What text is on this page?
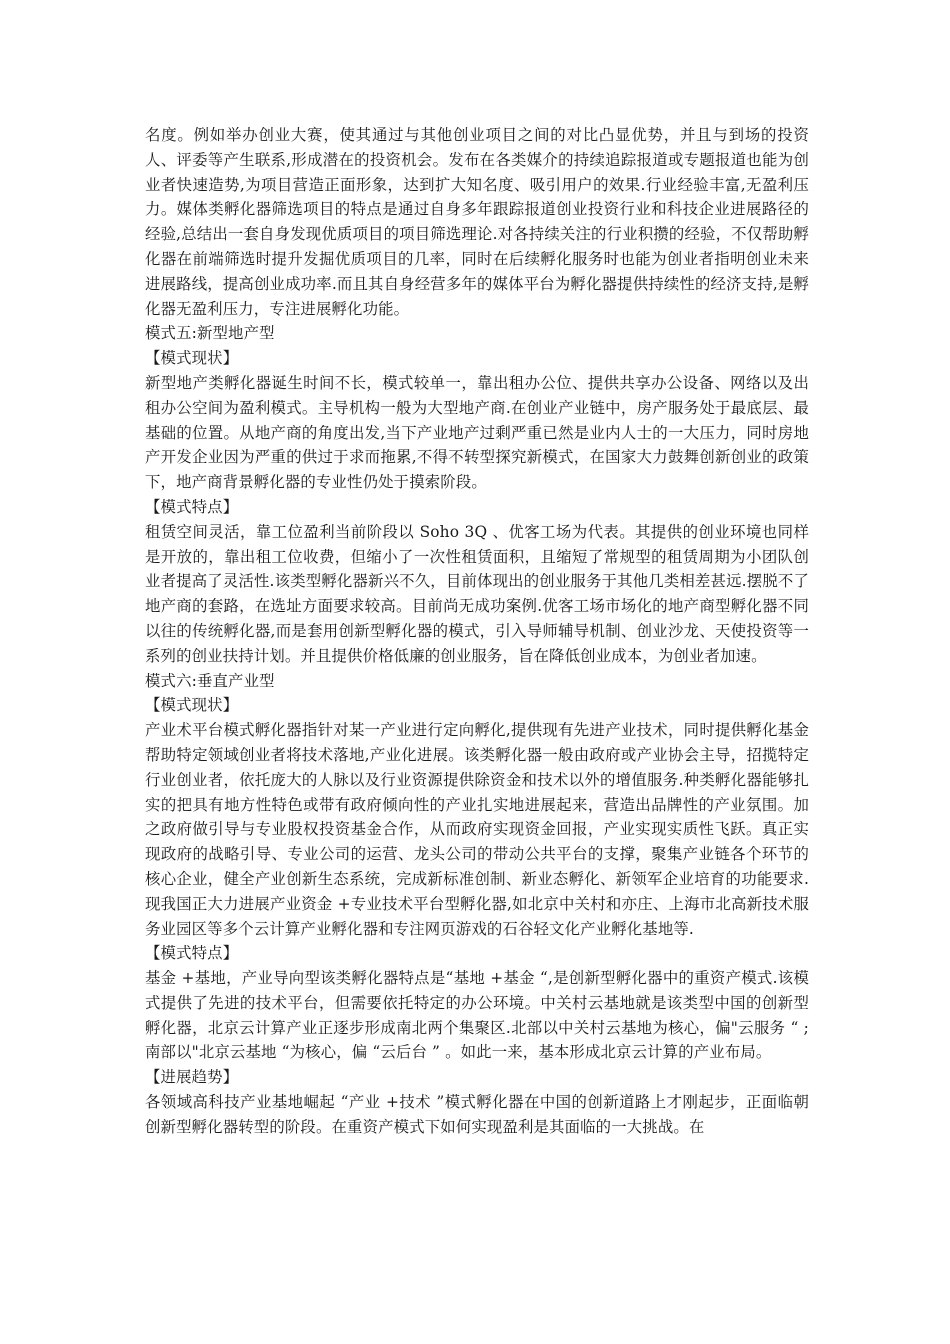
名度。例如举办创业大赛，使其通过与其他创业项目之间的对比凸显优势，并且与到场的投资人、评委等产生联系,形成潜在的投资机会。发布在各类媒介的持续追踪报道或专题报道也能为创业者快速造势,为项目营造正面形象，达到扩大知名度、吸引用户的效果.行业经验丰富,无盈利压力。媒体类孵化器筛选项目的特点是通过自身多年跟踪报道创业投资行业和科技企业进展路径的经验,总结出一套自身发现优质项目的项目筛选理论.对各持续关注的行业积攒的经验，不仅帮助孵化器在前端筛选时提升发掘优质项目的几率，同时在后续孵化服务时也能为创业者指明创业未来进展路线，提高创业成功率.而且其自身经营多年的媒体平台为孵化器提供持续性的经济支持,是孵化器无盈利压力，专注进展孵化功能。

模式五:新型地产型

【模式现状】

新型地产类孵化器诞生时间不长，模式较单一，靠出租办公位、提供共享办公设备、网络以及出租办公空间为盈利模式。主导机构一般为大型地产商.在创业产业链中，房产服务处于最底层、最基础的位置。从地产商的角度出发,当下产业地产过剩严重已然是业内人士的一大压力，同时房地产开发企业因为严重的供过于求而拖累,不得不转型探究新模式，在国家大力鼓舞创新创业的政策下，地产商背景孵化器的专业性仍处于摸索阶段。

【模式特点】

租赁空间灵活，靠工位盈利当前阶段以 Soho 3Q 、优客工场为代表。其提供的创业环境也同样是开放的，靠出租工位收费，但缩小了一次性租赁面积，且缩短了常规型的租赁周期为小团队创业者提高了灵活性.该类型孵化器新兴不久，目前体现出的创业服务于其他几类相差甚远.摆脱不了地产商的套路，在选址方面要求较高。目前尚无成功案例.优客工场市场化的地产商型孵化器不同以往的传统孵化器,而是套用创新型孵化器的模式，引入导师辅导机制、创业沙龙、天使投资等一系列的创业扶持计划。并且提供价格低廉的创业服务，旨在降低创业成本，为创业者加速。

模式六:垂直产业型

【模式现状】

产业术平台模式孵化器指针对某一产业进行定向孵化,提供现有先进产业技术，同时提供孵化基金帮助特定领域创业者将技术落地,产业化进展。该类孵化器一般由政府或产业协会主导，招揽特定行业创业者，依托庞大的人脉以及行业资源提供除资金和技术以外的增值服务.种类孵化器能够扎实的把具有地方性特色或带有政府倾向性的产业扎实地进展起来，营造出品牌性的产业氛围。加之政府做引导与专业股权投资基金合作，从而政府实现资金回报，产业实现实质性飞跃。真正实现政府的战略引导、专业公司的运营、龙头公司的带动公共平台的支撑，聚集产业链各个环节的核心企业，健全产业创新生态系统，完成新标准创制、新业态孵化、新领军企业培育的功能要求.现我国正大力进展产业资金 +专业技术平台型孵化器,如北京中关村和亦庄、上海市北高新技术服务业园区等多个云计算产业孵化器和专注网页游戏的石谷轻文化产业孵化基地等.

【模式特点】

基金 +基地，产业导向型该类孵化器特点是“基地 +基金 “,是创新型孵化器中的重资产模式.该模式提供了先进的技术平台，但需要依托特定的办公环境。中关村云基地就是该类型中国的创新型孵化器，北京云计算产业正逐步形成南北两个集聚区.北部以中关村云基地为核心，偏"云服务 “ ; 南部以"北京云基地 “为核心，偏 “云后台 ” 。如此一来，基本形成北京云计算的产业布局。

【进展趋势】

各领域高科技产业基地崛起 “产业 +技术 ”模式孵化器在中国的创新道路上才刚起步，正面临朝创新型孵化器转型的阶段。在重资产模式下如何实现盈利是其面临的一大挑战。在
